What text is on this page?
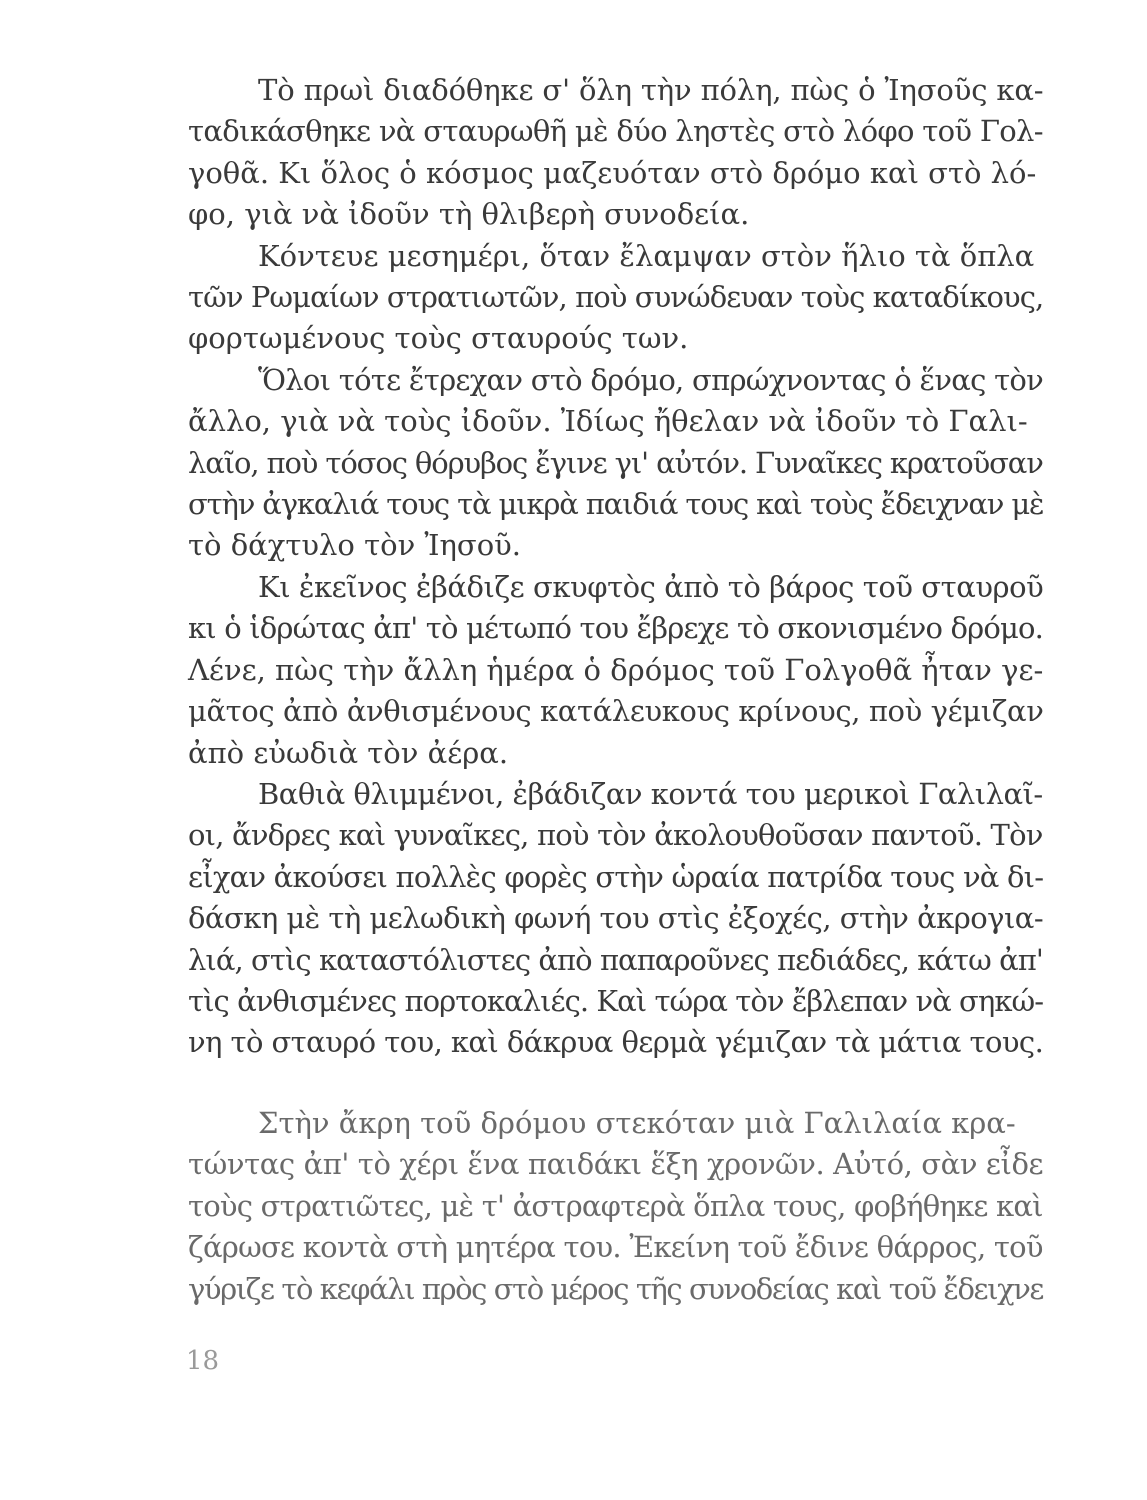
Τὸ πρωὶ διαδόθηκε σ' ὅλη τὴν πόλη, πὼς ὁ Ἰησοῦς κα-
ταδικάσθηκε νὰ σταυρωθῆ μὲ δύο ληστὲς στὸ λόφο τοῦ Γολ-
γοθᾶ. Κι ὅλος ὁ κόσμος μαζευόταν στὸ δρόμο καὶ στὸ λό-
φο, γιὰ νὰ ἰδοῦν τὴ θλιβερὴ συνοδεία.

Κόντευε μεσημέρι, ὅταν ἔλαμψαν στὸν ἥλιο τὰ ὅπλα
τῶν Ρωμαίων στρατιωτῶν, ποὺ συνώδευαν τοὺς καταδίκους,
φορτωμένους τοὺς σταυρούς των.

Ὅλοι τότε ἔτρεχαν στὸ δρόμο, σπρώχνοντας ὁ ἕνας τὸν
ἄλλο, γιὰ νὰ τοὺς ἰδοῦν. Ἰδίως ἤθελαν νὰ ἰδοῦν τὸ Γαλι-
λαῖο, ποὺ τόσος θόρυβος ἔγινε γι' αὐτόν. Γυναῖκες κρατοῦσαν
στὴν ἀγκαλιά τους τὰ μικρὰ παιδιά τους καὶ τοὺς ἔδειχναν μὲ
τὸ δάχτυλο τὸν Ἰησοῦ.

Κι ἐκεῖνος ἐβάδιζε σκυφτὸς ἀπὸ τὸ βάρος τοῦ σταυροῦ
κι ὁ ἱδρώτας ἀπ' τὸ μέτωπό του ἔβρεχε τὸ σκονισμένο δρόμο.
Λένε, πὼς τὴν ἄλλη ἡμέρα ὁ δρόμος τοῦ Γολγοθᾶ ἦταν γε-
μᾶτος ἀπὸ ἀνθισμένους κατάλευκους κρίνους, ποὺ γέμιζαν
ἀπὸ εὐωδιὰ τὸν ἀέρα.

Βαθιὰ θλιμμένοι, ἐβάδιζαν κοντά του μερικοὶ Γαλιλαῖ-
οι, ἄνδρες καὶ γυναῖκες, ποὺ τὸν ἀκολουθοῦσαν παντοῦ. Τὸν
εἶχαν ἀκούσει πολλὲς φορὲς στὴν ὡραία πατρίδα τους νὰ δι-
δάσκη μὲ τὴ μελωδικὴ φωνή του στὶς ἐξοχές, στὴν ἀκρογια-
λιά, στὶς καταστόλιστες ἀπὸ παπαροῦνες πεδιάδες, κάτω ἀπ'
τὶς ἀνθισμένες πορτοκαλιές. Καὶ τώρα τὸν ἔβλεπαν νὰ σηκώ-
νη τὸ σταυρό του, καὶ δάκρυα θερμὰ γέμιζαν τὰ μάτια τους.

Στὴν ἄκρη τοῦ δρόμου στεκόταν μιὰ Γαλιλαία κρα-
τώντας ἀπ' τὸ χέρι ἕνα παιδάκι ἕξη χρονῶν. Αὐτό, σὰν εἶδε
τοὺς στρατιῶτες, μὲ τ' ἀστραφτερὰ ὅπλα τους, φοβήθηκε καὶ
ζάρωσε κοντὰ στὴ μητέρα του. Ἐκείνη τοῦ ἔδινε θάρρος, τοῦ
γύριζε τὸ κεφάλι πρὸς στὸ μέρος τῆς συνοδείας καὶ τοῦ ἔδειχνε

18
